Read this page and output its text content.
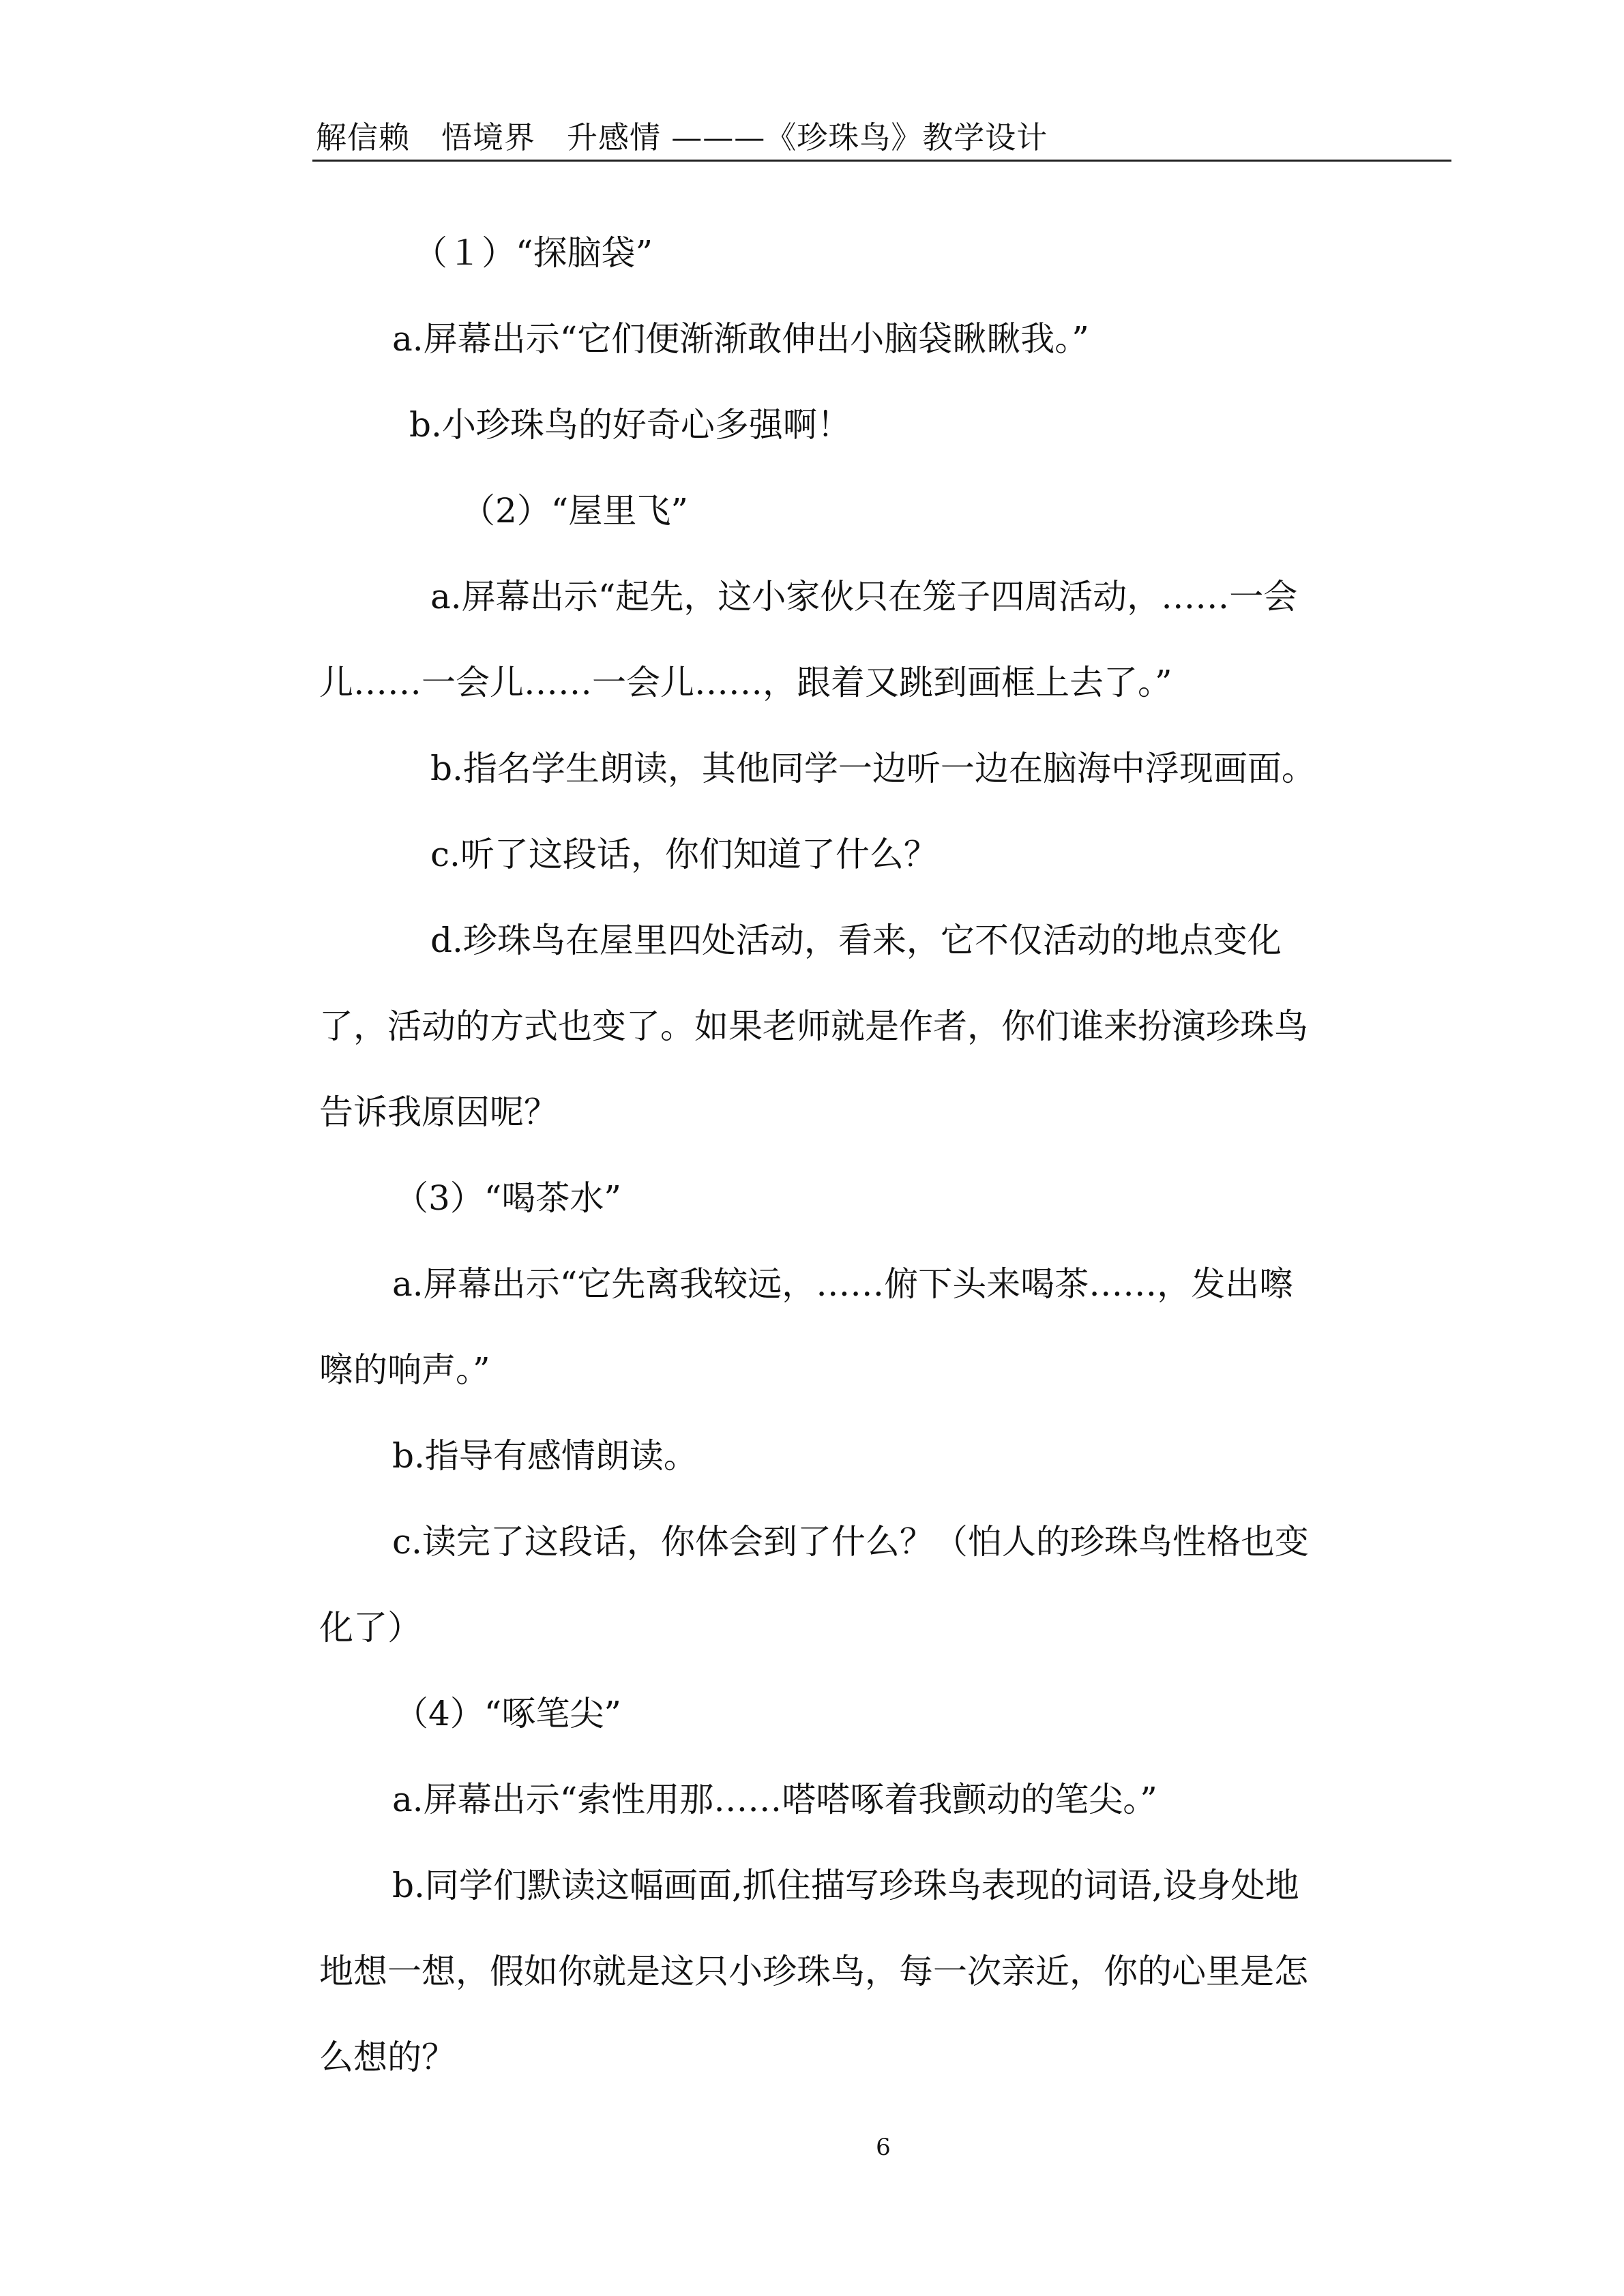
解信赖　悟境界　升感情 ———《珍珠鸟》教学设计
（１）“探脑袋”
a.屏幕出示“它们便渐渐敢伸出小脑袋瞅瞅我。”
b.小珍珠鸟的好奇心多强啊！
（2）“屋里飞”
a.屏幕出示“起先，这小家伙只在笼子四周活动，……一会
儿……一会儿……一会儿……，跟着又跳到画框上去了。”
b.指名学生朗读，其他同学一边听一边在脑海中浮现画面。
c.听了这段话，你们知道了什么？
d.珍珠鸟在屋里四处活动，看来，它不仅活动的地点变化
了，活动的方式也变了。如果老师就是作者，你们谁来扮演珍珠鸟
告诉我原因呢？
（3）“喝茶水”
a.屏幕出示“它先离我较远，……俯下头来喝茶……，发出嚓
嚓的响声。”
b.指导有感情朗读。
c.读完了这段话，你体会到了什么？（怕人的珍珠鸟性格也变
化了）
（4）“啄笔尖”
a.屏幕出示“索性用那……嗒嗒啄着我颤动的笔尖。”
b.同学们默读这幅画面,抓住描写珍珠鸟表现的词语,设身处地
地想一想，假如你就是这只小珍珠鸟，每一次亲近，你的心里是怎
么想的？
6
